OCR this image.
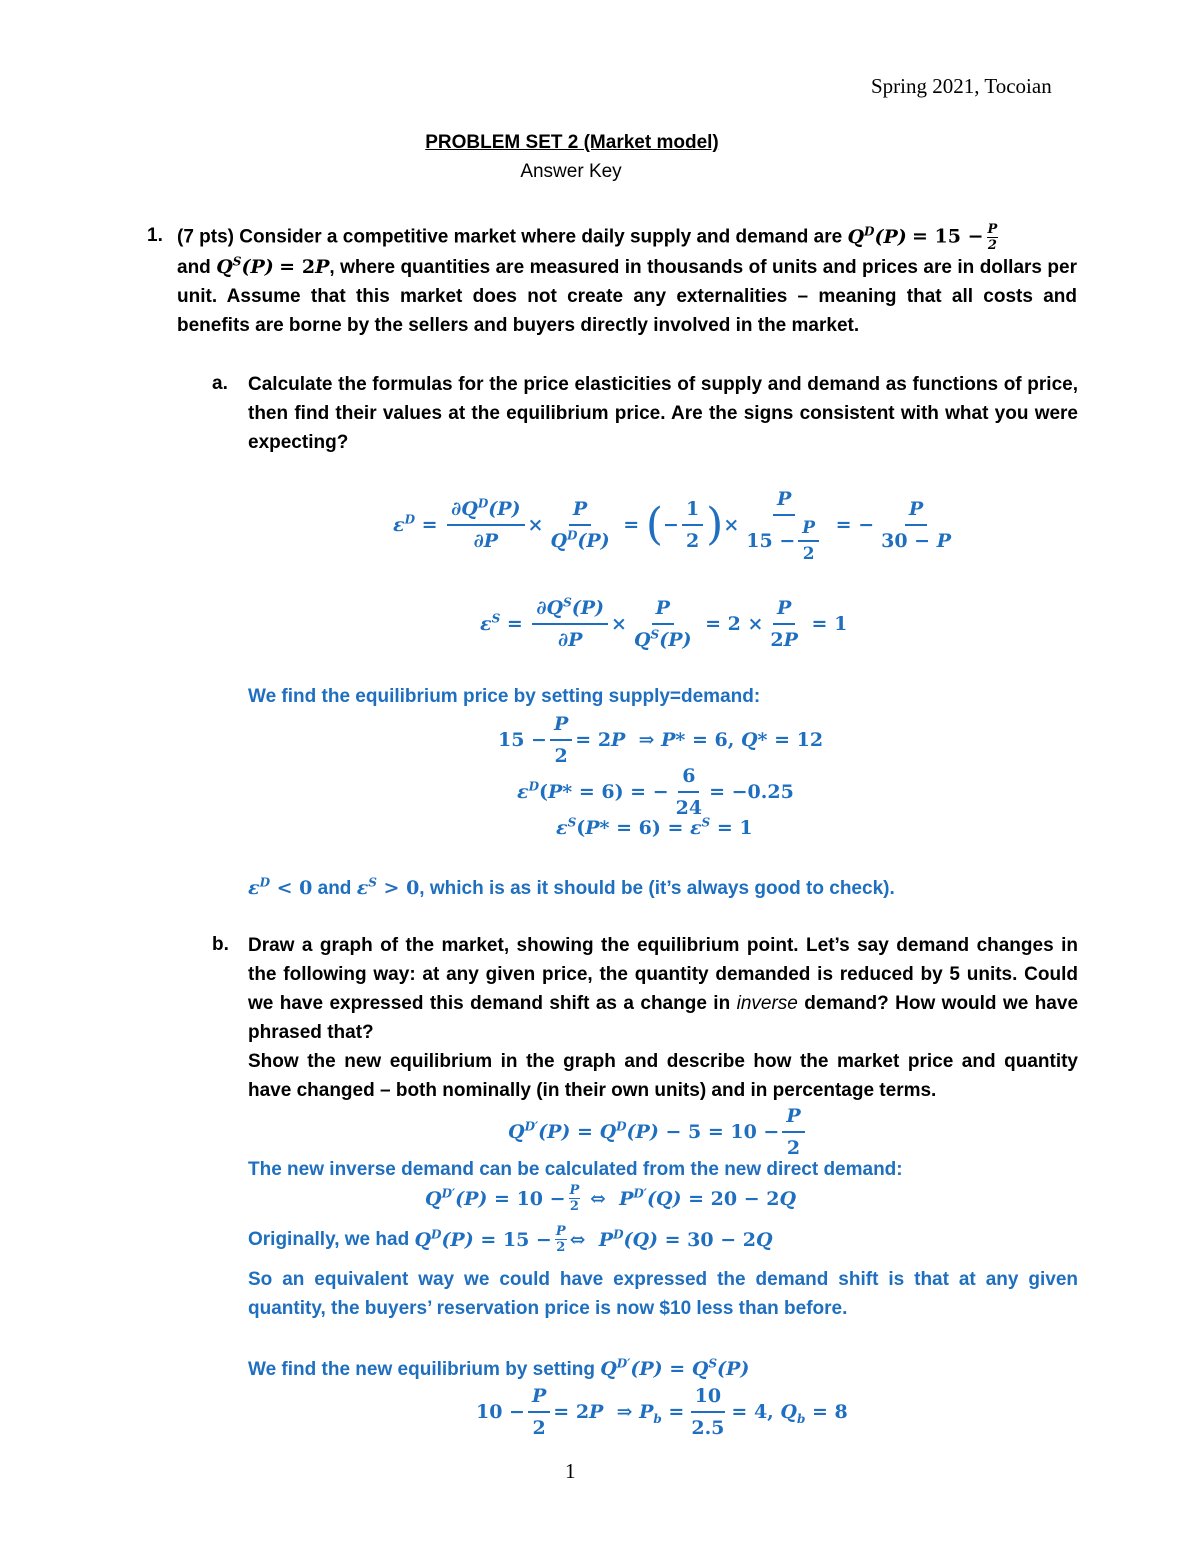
Spring 2021, Tocoian
PROBLEM SET 2 (Market model)
Answer Key
1. (7 pts) Consider a competitive market where daily supply and demand are $Q^D(P) = 15 - \frac{P}{2}$

and $Q^S(P) = 2P$, where quantities are measured in thousands of units and prices are in dollars per unit. Assume that this market does not create any externalities – meaning that all costs and benefits are borne by the sellers and buyers directly involved in the market.
a. Calculate the formulas for the price elasticities of supply and demand as functions of price, then find their values at the equilibrium price. Are the signs consistent with what you were expecting?
$\varepsilon^D = \frac{\partial Q^D(P)}{\partial P} \times \frac{P}{Q^D(P)}$ = ( − $\frac{1}{2}$ ) × $\frac{P}{15 - \frac{P}{2}}$ = − $\frac{P}{30 - P}$
$\varepsilon^S = \frac{\partial Q^S(P)}{\partial P} \times \frac{P}{Q^S(P)} = 2 \times \frac{P}{2P} = 1$
We find the equilibrium price by setting supply=demand:
$15 - \frac{P}{2} = 2$ P ⇒ P * = 6, Q * = 12
$\varepsilon^D$ ( P * = 6) = − $\frac{6}{24} = -0.25$
$\varepsilon^S(P* = 6) = \varepsilon^S = 1$
$\varepsilon^D < 0$ and $\varepsilon^S > 0$, which is as it should be (it’s always good to check).
b. Draw a graph of the market, showing the equilibrium point. Let’s say demand changes in the following way: at any given price, the quantity demanded is reduced by 5 units. Could we have expressed this demand shift as a change in inverse demand? How would we have phrased that?
Show the new equilibrium in the graph and describe how the market price and quantity have changed – both nominally (in their own units) and in percentage terms.
$Q^{D'}(P) = Q^D(P) - 5 = 10 - \frac{P}{2}$
The new inverse demand can be calculated from the new direct demand:
$Q^{D'}(P) = 10 - \frac{P}{2}$ ⇔ $P^{D'}(Q) = 20 - 2$ Q
Originally, we had
$Q^D(P) = 15 - \frac{P}{2}$ ⇔  $P^D(Q) = 30 - 2Q$
So an equivalent way we could have expressed the demand shift is that at any given quantity, the buyers’ reservation price is now $10 less than before.
We find the new equilibrium by setting $Q^{D'}(P) = Q^S(P)$
$10 - \frac{P}{2} = 2$ P ⇒ $P_b = \frac{10}{2.5} = 4$, $Q_b = 8$
1
